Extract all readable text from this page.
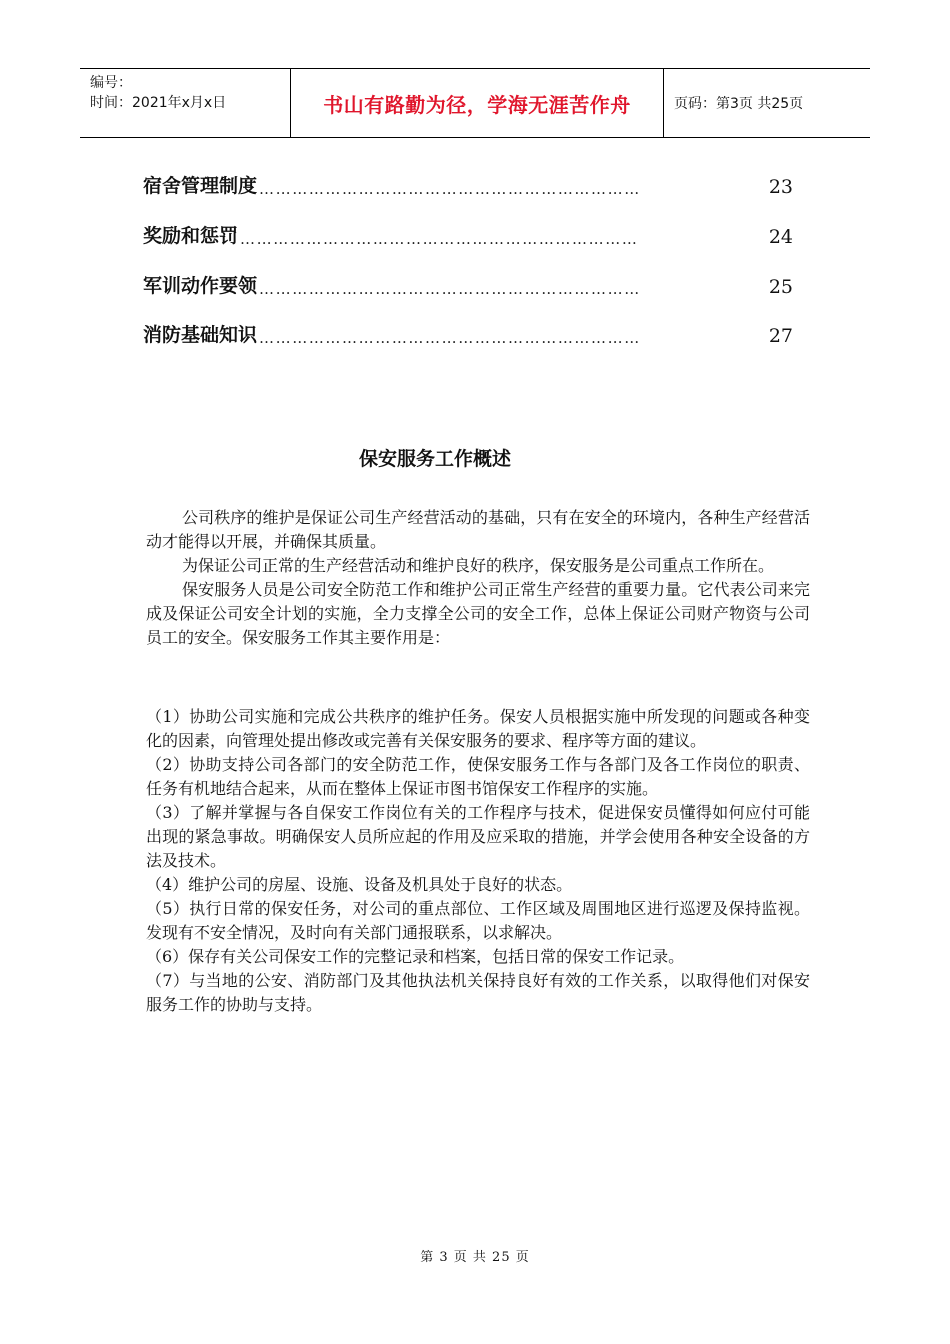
编号：
时间：2021年x月x日	书山有路勤为径，学海无涯苦作舟	页码：第3页 共25页
宿舍管理制度 ……………………………………………………………	23
奖励和惩罚 ………………………………………………………………	24
军训动作要领 ……………………………………………………………	25
消防基础知识 ……………………………………………………………	27
保安服务工作概述

公司秩序的维护是保证公司生产经营活动的基础，只有在安全的环境内，各种生产经营活动才能得以开展，并确保其质量。

为保证公司正常的生产经营活动和维护良好的秩序，保安服务是公司重点工作所在。

保安服务人员是公司安全防范工作和维护公司正常生产经营的重要力量。它代表公司来完成及保证公司安全计划的实施，全力支撑全公司的安全工作，总体上保证公司财产物资与公司员工的安全。保安服务工作其主要作用是：

（1）协助公司实施和完成公共秩序的维护任务。保安人员根据实施中所发现的问题或各种变化的因素，向管理处提出修改或完善有关保安服务的要求、程序等方面的建议。

（2）协助支持公司各部门的安全防范工作，使保安服务工作与各部门及各工作岗位的职责、任务有机地结合起来，从而在整体上保证市图书馆保安工作程序的实施。

（3）了解并掌握与各自保安工作岗位有关的工作程序与技术，促进保安员懂得如何应付可能出现的紧急事故。明确保安人员所应起的作用及应采取的措施，并学会使用各种安全设备的方法及技术。

（4）维护公司的房屋、设施、设备及机具处于良好的状态。

（5）执行日常的保安任务，对公司的重点部位、工作区域及周围地区进行巡逻及保持监视。发现有不安全情况，及时向有关部门通报联系，以求解决。

（6）保存有关公司保安工作的完整记录和档案，包括日常的保安工作记录。

（7）与当地的公安、消防部门及其他执法机关保持良好有效的工作关系，以取得他们对保安服务工作的协助与支持。

第 3 页 共 25 页
